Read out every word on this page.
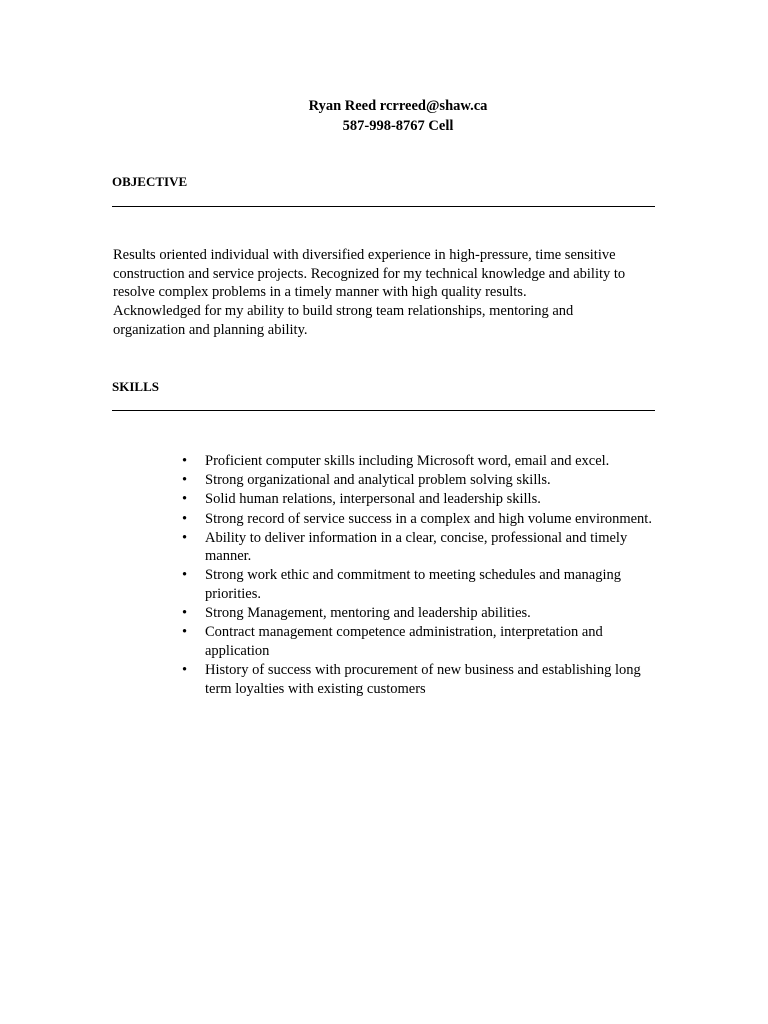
Ryan Reed rcrreed@shaw.ca
587-998-8767 Cell
OBJECTIVE
Results oriented individual with diversified experience in high-pressure, time sensitive
construction and service projects. Recognized for my technical knowledge and ability to
resolve complex problems in a timely manner with high quality results.
Acknowledged for my ability to build strong team relationships, mentoring and
organization and planning ability.
SKILLS
• Proficient computer skills including Microsoft word, email and excel.
• Strong organizational and analytical problem solving skills.
• Solid human relations, interpersonal and leadership skills.
• Strong record of service success in a complex and high volume environment.
• Ability to deliver information in a clear, concise, professional and timely manner.
• Strong work ethic and commitment to meeting schedules and managing priorities.
• Strong Management, mentoring and leadership abilities.
• Contract management competence administration, interpretation and application
• History of success with procurement of new business and establishing long term loyalties with existing customers
